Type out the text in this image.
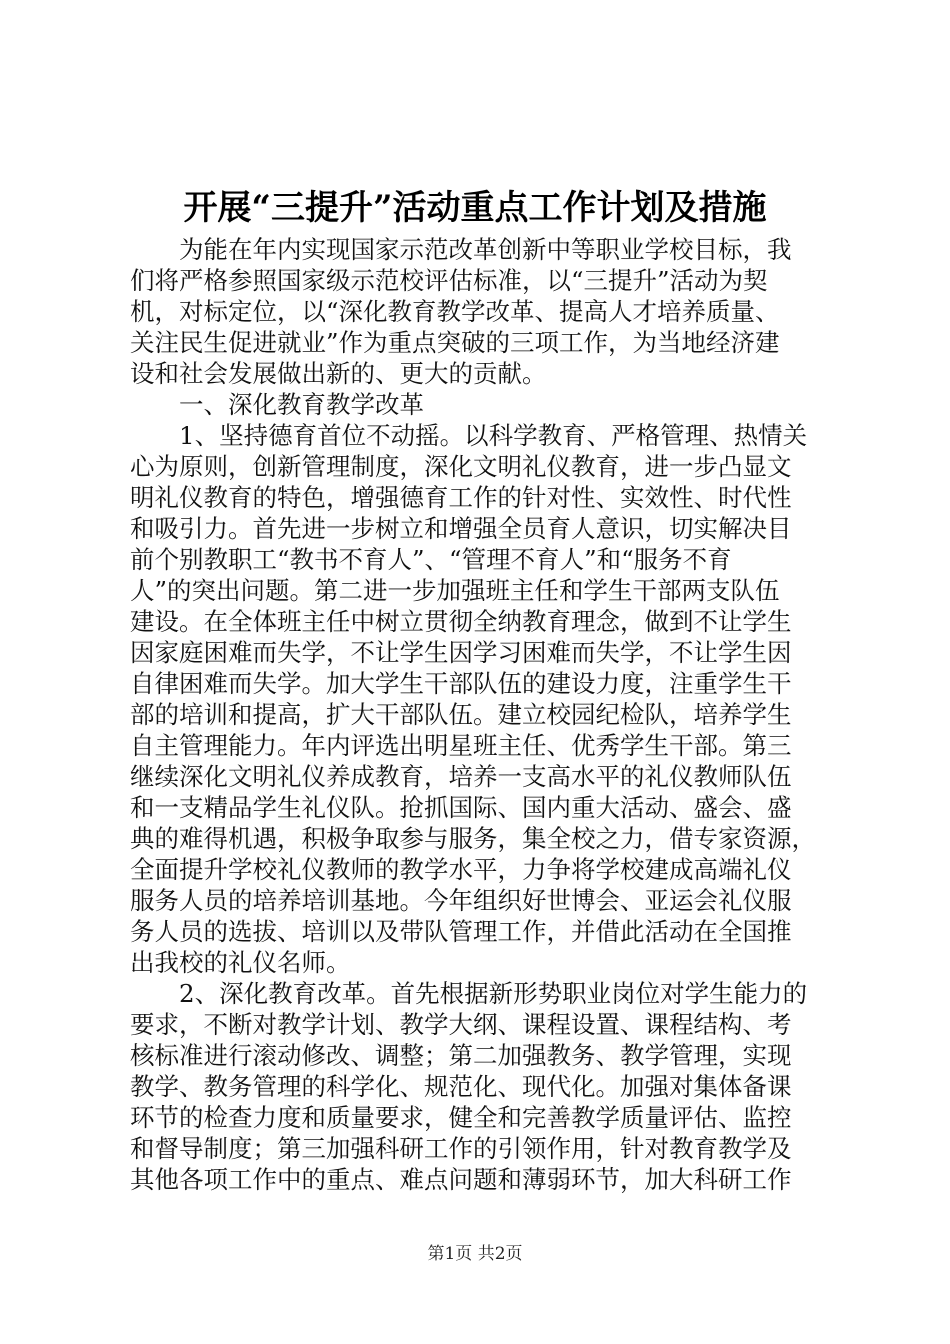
开展“三提升”活动重点工作计划及措施
为能在年内实现国家示范改革创新中等职业学校目标，我
们将严格参照国家级示范校评估标准，以“三提升”活动为契
机，对标定位，以“深化教育教学改革、提高人才培养质量、
关注民生促进就业”作为重点突破的三项工作，为当地经济建
设和社会发展做出新的、更大的贡献。
一、深化教育教学改革
1、坚持德育首位不动摇。以科学教育、严格管理、热情关
心为原则，创新管理制度，深化文明礼仪教育，进一步凸显文
明礼仪教育的特色，增强德育工作的针对性、实效性、时代性
和吸引力。首先进一步树立和增强全员育人意识，切实解决目
前个别教职工“教书不育人”、“管理不育人”和“服务不育
人”的突出问题。第二进一步加强班主任和学生干部两支队伍
建设。在全体班主任中树立贯彻全纳教育理念，做到不让学生
因家庭困难而失学，不让学生因学习困难而失学，不让学生因
自律困难而失学。加大学生干部队伍的建设力度，注重学生干
部的培训和提高，扩大干部队伍。建立校园纪检队，培养学生
自主管理能力。年内评选出明星班主任、优秀学生干部。第三
继续深化文明礼仪养成教育，培养一支高水平的礼仪教师队伍
和一支精品学生礼仪队。抢抓国际、国内重大活动、盛会、盛
典的难得机遇，积极争取参与服务，集全校之力，借专家资源，
全面提升学校礼仪教师的教学水平，力争将学校建成高端礼仪
服务人员的培养培训基地。今年组织好世博会、亚运会礼仪服
务人员的选拔、培训以及带队管理工作，并借此活动在全国推
出我校的礼仪名师。
2、深化教育改革。首先根据新形势职业岗位对学生能力的
要求，不断对教学计划、教学大纲、课程设置、课程结构、考
核标准进行滚动修改、调整；第二加强教务、教学管理，实现
教学、教务管理的科学化、规范化、现代化。加强对集体备课
环节的检查力度和质量要求，健全和完善教学质量评估、监控
和督导制度；第三加强科研工作的引领作用，针对教育教学及
其他各项工作中的重点、难点问题和薄弱环节，加大科研工作
第1页 共2页
